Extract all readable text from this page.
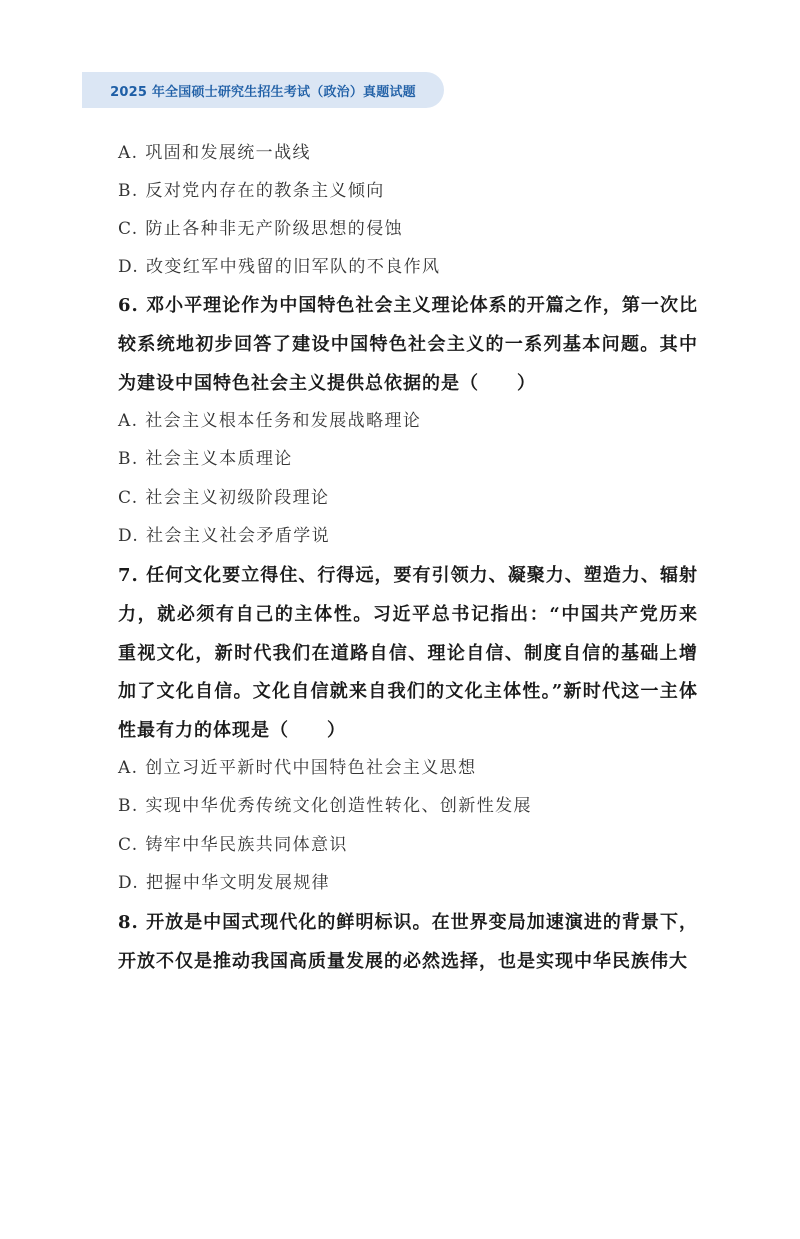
2025 年全国硕士研究生招生考试（政治）真题试题
A. 巩固和发展统一战线
B. 反对党内存在的教条主义倾向
C. 防止各种非无产阶级思想的侵蚀
D. 改变红军中残留的旧军队的不良作风
6. 邓小平理论作为中国特色社会主义理论体系的开篇之作，第一次比较系统地初步回答了建设中国特色社会主义的一系列基本问题。其中为建设中国特色社会主义提供总依据的是（　　）
A. 社会主义根本任务和发展战略理论
B. 社会主义本质理论
C. 社会主义初级阶段理论
D. 社会主义社会矛盾学说
7. 任何文化要立得住、行得远，要有引领力、凝聚力、塑造力、辐射力，就必须有自己的主体性。习近平总书记指出：“中国共产党历来重视文化，新时代我们在道路自信、理论自信、制度自信的基础上增加了文化自信。文化自信就来自我们的文化主体性。”新时代这一主体性最有力的体现是（　　）
A. 创立习近平新时代中国特色社会主义思想
B. 实现中华优秀传统文化创造性转化、创新性发展
C. 铸牢中华民族共同体意识
D. 把握中华文明发展规律
8. 开放是中国式现代化的鲜明标识。在世界变局加速演进的背景下，开放不仅是推动我国高质量发展的必然选择，也是实现中华民族伟大
